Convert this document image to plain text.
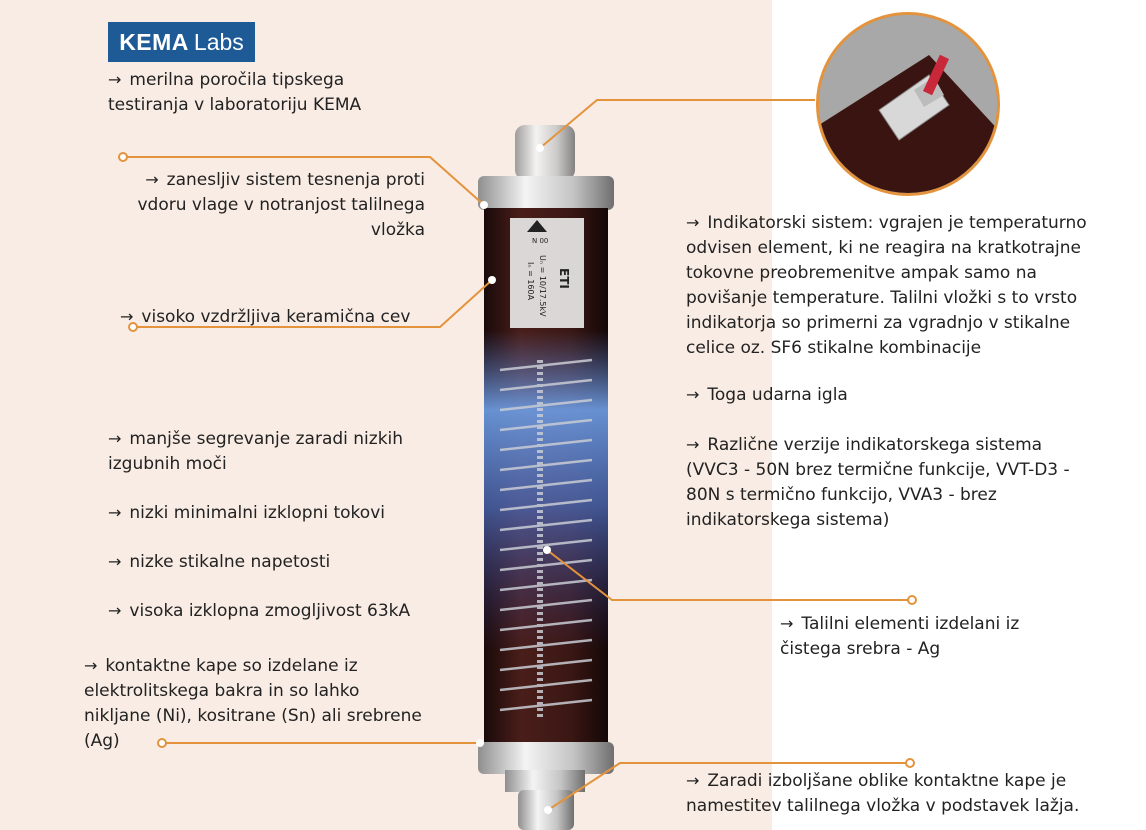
KEMA Labs
N 00
ETI
Uₙ = 10/17.5kV
Iₙ = 160A
→ merilna poročila tipskega testiranja v laboratoriju KEMA
→ zanesljiv sistem tesnenja proti vdoru vlage v notranjost talilnega vložka
→ visoko vzdržljiva keramična cev
→ manjše segrevanje zaradi nizkih izgubnih moči
→ nizki minimalni izklopni tokovi
→ nizke stikalne napetosti
→ visoka izklopna zmogljivost 63kA
→ kontaktne kape so izdelane iz elektrolitskega bakra in so lahko nikljane (Ni), kositrane (Sn) ali srebrene (Ag)
→ Indikatorski sistem: vgrajen je temperaturno odvisen element, ki ne reagira na kratkotrajne tokovne preobremenitve ampak samo na povišanje temperature. Talilni vložki s to vrsto indikatorja so primerni za vgradnjo v stikalne celice oz. SF6 stikalne kombinacije
→ Toga udarna igla
→ Različne verzije indikatorskega sistema (VVC3 - 50N brez termične funkcije, VVT-D3 - 80N s termično funkcijo, VVA3 - brez indikatorskega sistema)
→ Talilni elementi izdelani iz čistega srebra - Ag
→ Zaradi izboljšane oblike kontaktne kape je namestitev talilnega vložka v podstavek lažja.
